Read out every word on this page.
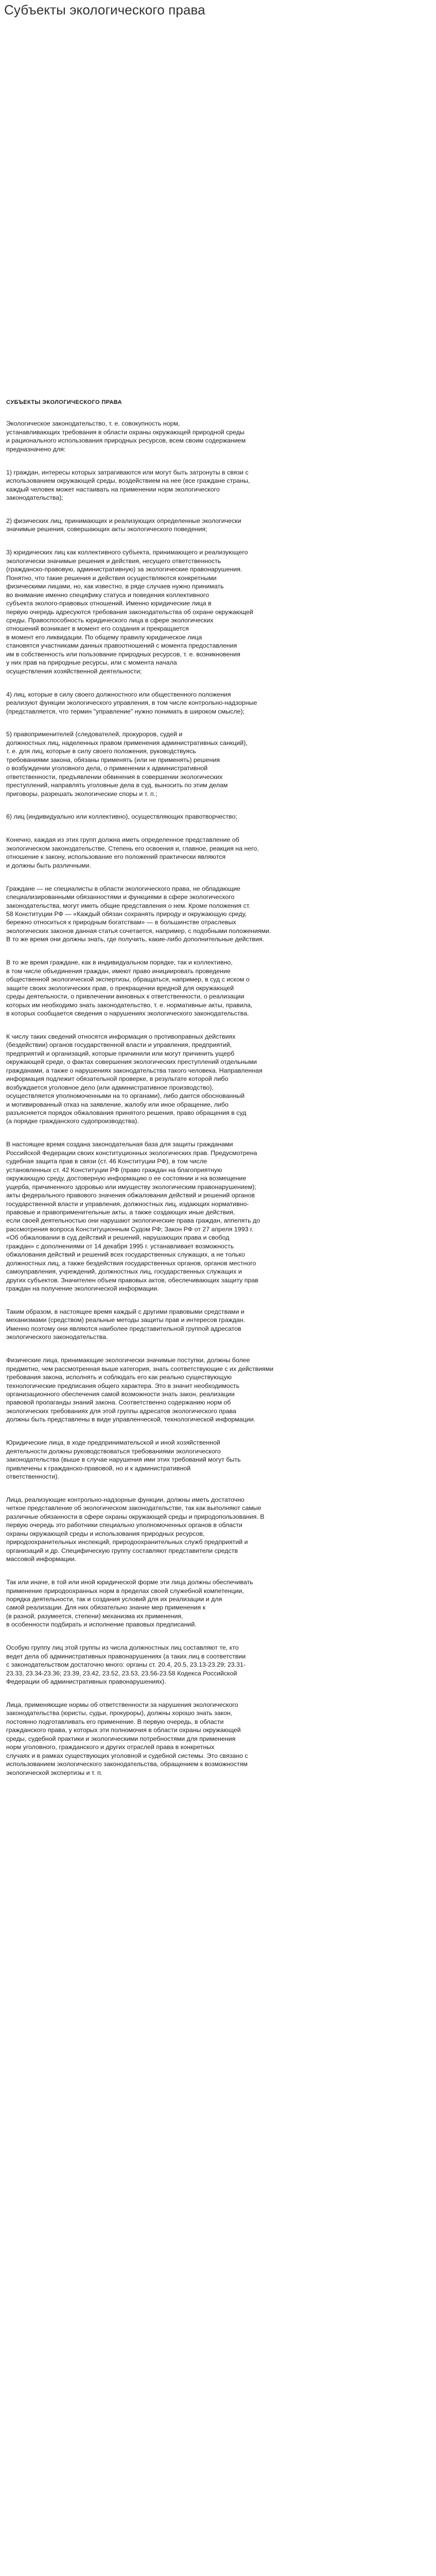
Субъекты экологического права
СУБЪЕКТЫ ЭКОЛОГИЧЕСКОГО ПРАВА

Экологическое законодательство, т. е. совокупность норм,
устанавливающих требования в области охраны окружающей природной среды
и рационального использования природных ресурсов, всем своим содержанием
предназначено для:

1) граждан, интересы которых затрагиваются или могут быть затронуты в связи с
использованием окружающей среды, воздействием на нее (все граждане страны,
каждый человек может настаивать на применении норм экологического
законодательства);

2) физических лиц, принимающих и реализующих определенные экологически
значимые решения, совершающих акты экологического поведения;

3) юридических лиц как коллективного субъекта, принимающего и реализующего
экологически значимые решения и действия, несущего ответственность
(гражданско-правовую, административную) за экологические правонарушения.
Понятно, что такие решения и действия осуществляются конкретными
физическими лицами, но, как известно, в ряде случаев нужно принимать
во внимание именно специфику статуса и поведения коллективного
субъекта эколого-правовых отношений. Именно юридические лица в
первую очередь адресуются требования законодательства об охране окружающей
среды. Правоспособность юридического лица в сфере экологических
отношений возникает в момент его создания и прекращается
в момент его ликвидации. По общему правилу юридическое лица
становятся участниками данных правоотношений с момента предоставления
им в собственность или пользование природных ресурсов, т. е. возникновения
у них прав на природные ресурсы, или с момента начала
осуществления хозяйственной деятельности;

4) лиц, которые в силу своего должностного или общественного положения
реализуют функции экологического управления, в том числе контрольно-надзорные
(представляется, что термин "управление" нужно понимать в широком смысле);

5) правоприменителей (следователей, прокуроров, судей и
должностных лиц, наделенных правом применения административных санкций),
т. е. для лиц, которые в силу своего положения, руководствуясь
требованиями закона, обязаны применять (или не применять) решения
о возбуждении уголовного дела, о применении к административной
ответственности, предъявлении обвинения в совершении экологических
преступлений, направлять уголовные дела в суд, выносить по этим делам
приговоры, разрешать экологические споры и т. п.;

6) лиц (индивидуально или коллективно), осуществляющих правотворчество;

Конечно, каждая из этих групп должна иметь определенное представление об
экологическом законодательстве. Степень его освоения и, главное, реакция на него,
отношение к закону, использование его положений практически являются
и должны быть различными.

Граждане — не специалисты в области экологического права, не обладающие
специализированными обязанностями и функциями в сфере экологического
законодательства, могут иметь общие представления о нем. Кроме положения ст.
58 Конституции РФ — «Каждый обязан сохранять природу и окружающую среду,
бережно относиться к природным богатствам» — в большинстве отраслевых
экологических законов данная статья сочетается, например, с подобными положениями.
В то же время они должны знать, где получить, какие-либо дополнительные действия.

В то же время граждане, как в индивидуальном порядке, так и коллективно,
в том числе объединения граждан, имеют право инициировать проведение
общественной экологической экспертизы, обращаться, например, в суд с иском о
защите своих экологических прав, о прекращении вредной для окружающей
среды деятельности, о привлечении виновных к ответственности, о реализации
которых им необходимо знать законодательство, т. е. нормативные акты, правила,
в которых сообщается сведения о нарушениях экологического законодательства.

К числу таких сведений относятся информация о противоправных действиях
(бездействии) органов государственной власти и управления, предприятий,
предприятий и организаций, которые причинили или могут причинить ущерб
окружающей среде, о фактах совершения экологических преступлений отдельными
гражданами, а также о нарушениях законодательства такого человека. Направленная
информация подлежит обязательной проверке, в результате которой либо
возбуждается уголовное дело (или административное производство),
осуществляется уполномоченными на то органами), либо дается обоснованный
и мотивированный отказ на заявление, жалобу или иное обращение, либо
разъясняется порядок обжалования принятого решения, право обращения в суд
(а порядке гражданского судопроизводства).

В настоящее время создана законодательная база для защиты гражданами
Российской Федерации своих конституционных экологических прав. Предусмотрена
судебная защита прав в связи (ст. 46 Конституции РФ), в том числе
установленных ст. 42 Конституции РФ (право граждан на благоприятную
окружающую среду, достоверную информацию о ее состоянии и на возмещение
ущерба, причиненного здоровью или имуществу экологическим правонарушением);
акты федерального правового значения обжалования действий и решений органов
государственной власти и управления, должностных лиц, издающих нормативно-
правовые и правоприменительные акты, а также создающих иные действия,
если своей деятельностью они нарушают экологические права граждан, аппелять до
рассмотрения вопроса Конституционным Судом РФ; Закон РФ от 27 апреля 1993 г.
«Об обжаловании в суд действий и решений, нарушающих права и свобод
граждан» с дополнениями от 14 декабря 1995 г. устанавливает возможность
обжалования действий и решений всех государственных служащих, а не только
должностных лиц, а также бездействия государственных органов, органов местного
самоуправления, учреждений, должностных лиц, государственных служащих и
других субъектов. Значителен объем правовых актов, обеспечивающих защиту прав
граждан на получение экологической информации.

Таким образом, в настоящее время каждый с другими правовыми средствами и
механизмами (средством) реальные методы защиты прав и интересов граждан.
Именно поэтому они являются наиболее представительной группой адресатов
экологического законодательства.

Физические лица, принимающие экологически значимые поступки, должны более
предметно, чем рассмотренная выше категория, знать соответствующие с их действиями
требования закона, исполнять и соблюдать его как реально существующую
технологические предписания общего характера. Это в значит необходимость
организационного обеспечения самой возможности знать закон, реализации
правовой пропаганды знаний закона. Соответственно содержанию норм об
экологических требованиях для этой группы адресатов экологического права
должны быть представлены в виде управленческой, технологической информации.

Юридические лица, в ходе предпринимательской и иной хозяйственной
деятельности должны руководствоваться требованиями экологического
законодательства (выше в случае нарушения ими этих требований могут быть
привлечены к гражданско-правовой, но и к административной
ответственности).

Лица, реализующие контрольно-надзорные функции, должны иметь достаточно
четкое представление об экологическом законодательстве, так как выполняют самые
различные обязанности в сфере охраны окружающей среды и природопользования. В
первую очередь это работники специально уполномоченных органов в области
охраны окружающей среды и использования природных ресурсов,
природоохранительных инспекций, природоохранительных служб предприятий и
организаций и др. Специфическую группу составляют представители средств
массовой информации.

Так или иначе, в той или иной юридической форме эти лица должны обеспечивать
применение природоохранных норм в пределах своей служебной компетенции,
порядка деятельности, так и создания условий для их реализации и для
самой реализации. Для них обязательно знание мер применения к
(в разной, разумеется, степени) механизма их применения,
в особенности подбирать и исполнение правовых предписаний.

Особую группу лиц этой группы из числа должностных лиц составляют те, кто
ведет дела об административных правонарушениях (а таких лиц в соответствии
с законодательством достаточно много: органы ст. 20.4, 20.5, 23.13-23.29; 23.31-
23.33, 23.34-23.36; 23.39, 23.42, 23.52, 23.53, 23.56-23.58 Кодекса Российской
Федерации об административных правонарушениях).

Лица, применяющие нормы об ответственности за нарушения экологического
законодательства (юристы, судьи, прокуроры), должны хорошо знать закон,
постоянно подготавливать его применение. В первую очередь, в области
гражданского права, у которых эти полномочия в области охраны окружающей
среды, судебной практики и экологическими потребностями для применения
норм уголовного, гражданского и других отраслей права в конкретных
случаях и в рамках существующих уголовной и судебной системы. Это связано с
использованием экологического законодательства, обращением к возможностям
экологической экспертизы и т. п.
